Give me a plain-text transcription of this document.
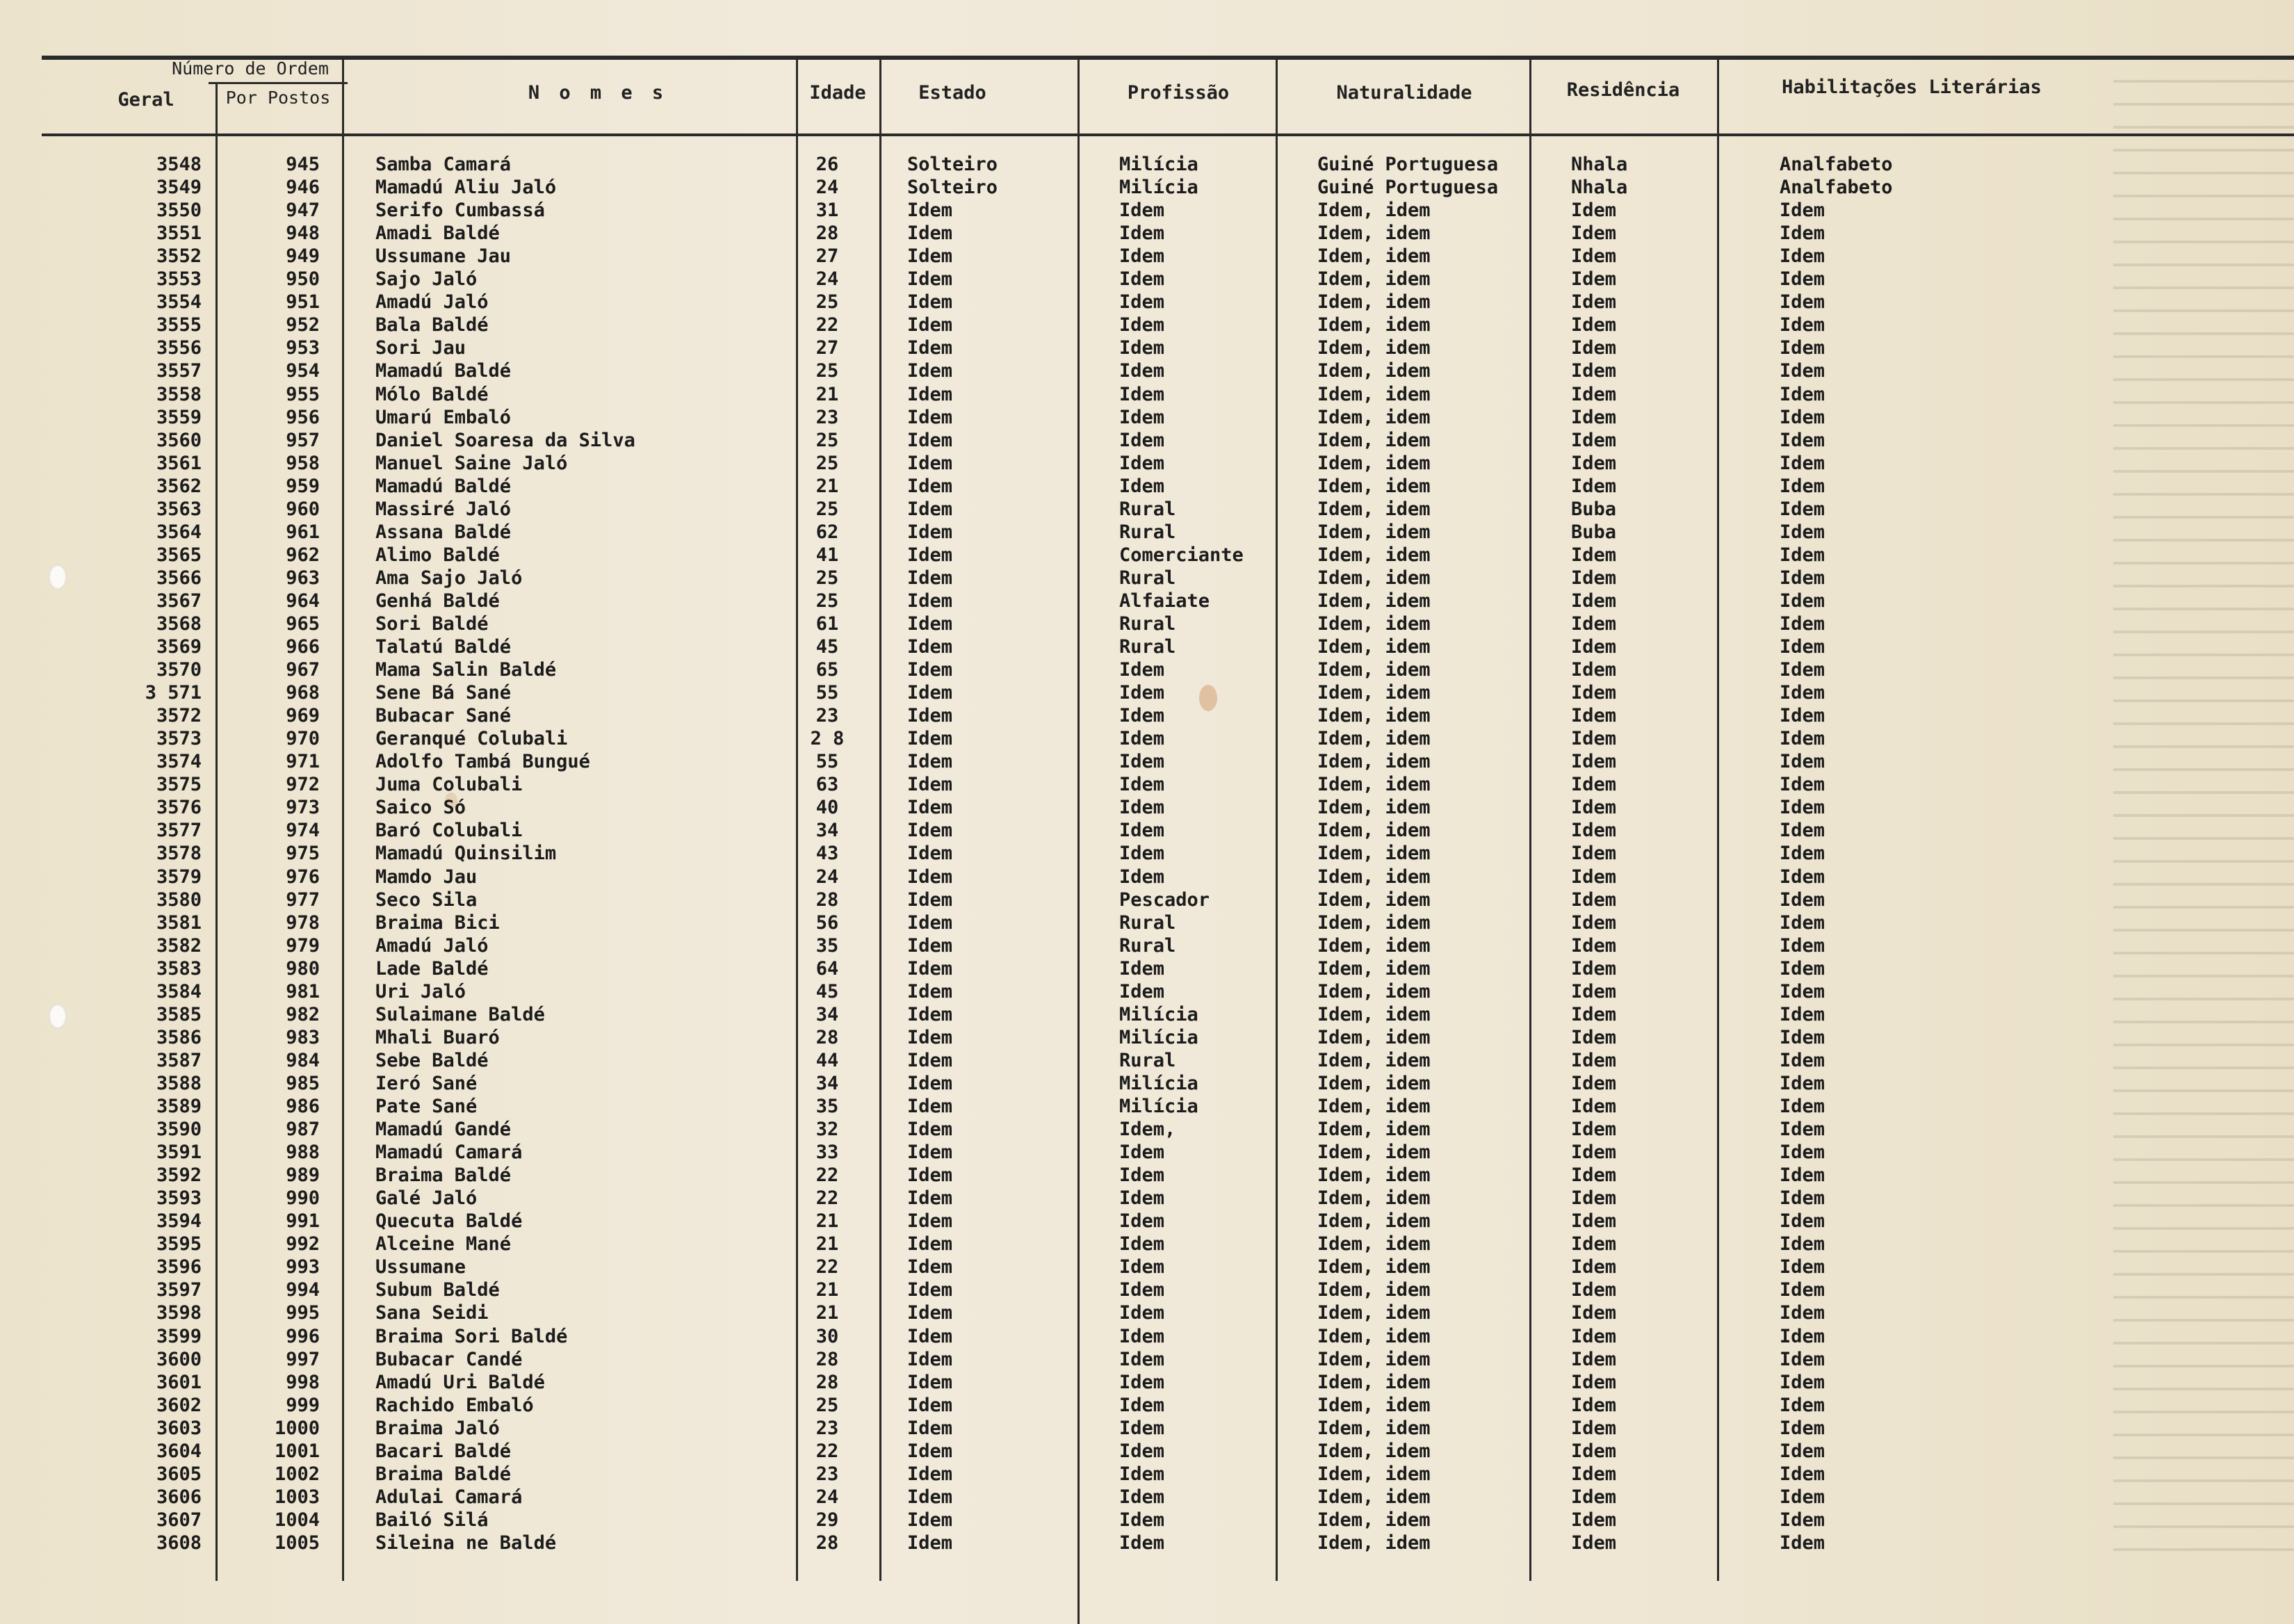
Número de Ordem
Geral	Por Postos	N o m e s	Idade	Estado	Profissão	Naturalidade	Residência	Habilitações Literárias
3548	945	Samba Camará	26	Solteiro	Milícia	Guiné Portuguesa	Nhala	Analfabeto
3549	946	Mamadú Aliu Jaló	24	Solteiro	Milícia	Guiné Portuguesa	Nhala	Analfabeto
3550	947	Serifo Cumbassá	31	Idem	Idem	Idem, idem	Idem	Idem
3551	948	Amadi Baldé	28	Idem	Idem	Idem, idem	Idem	Idem
3552	949	Ussumane Jau	27	Idem	Idem	Idem, idem	Idem	Idem
3553	950	Sajo Jaló	24	Idem	Idem	Idem, idem	Idem	Idem
3554	951	Amadú Jaló	25	Idem	Idem	Idem, idem	Idem	Idem
3555	952	Bala Baldé	22	Idem	Idem	Idem, idem	Idem	Idem
3556	953	Sori Jau	27	Idem	Idem	Idem, idem	Idem	Idem
3557	954	Mamadú Baldé	25	Idem	Idem	Idem, idem	Idem	Idem
3558	955	Mólo Baldé	21	Idem	Idem	Idem, idem	Idem	Idem
3559	956	Umarú Embaló	23	Idem	Idem	Idem, idem	Idem	Idem
3560	957	Daniel Soaresa da Silva	25	Idem	Idem	Idem, idem	Idem	Idem
3561	958	Manuel Saine Jaló	25	Idem	Idem	Idem, idem	Idem	Idem
3562	959	Mamadú Baldé	21	Idem	Idem	Idem, idem	Idem	Idem
3563	960	Massiré Jaló	25	Idem	Rural	Idem, idem	Buba	Idem
3564	961	Assana Baldé	62	Idem	Rural	Idem, idem	Buba	Idem
3565	962	Alimo Baldé	41	Idem	Comerciante	Idem, idem	Idem	Idem
3566	963	Ama Sajo Jaló	25	Idem	Rural	Idem, idem	Idem	Idem
3567	964	Genhá Baldé	25	Idem	Alfaiate	Idem, idem	Idem	Idem
3568	965	Sori Baldé	61	Idem	Rural	Idem, idem	Idem	Idem
3569	966	Talatú Baldé	45	Idem	Rural	Idem, idem	Idem	Idem
3570	967	Mama Salin Baldé	65	Idem	Idem	Idem, idem	Idem	Idem
3 571	968	Sene Bá Sané	55	Idem	Idem	Idem, idem	Idem	Idem
3572	969	Bubacar Sané	23	Idem	Idem	Idem, idem	Idem	Idem
3573	970	Geranqué Colubali	2 8	Idem	Idem	Idem, idem	Idem	Idem
3574	971	Adolfo Tambá Bungué	55	Idem	Idem	Idem, idem	Idem	Idem
3575	972	Juma Colubali	63	Idem	Idem	Idem, idem	Idem	Idem
3576	973	Saico Só	40	Idem	Idem	Idem, idem	Idem	Idem
3577	974	Baró Colubali	34	Idem	Idem	Idem, idem	Idem	Idem
3578	975	Mamadú Quinsilim	43	Idem	Idem	Idem, idem	Idem	Idem
3579	976	Mamdo Jau	24	Idem	Idem	Idem, idem	Idem	Idem
3580	977	Seco Sila	28	Idem	Pescador	Idem, idem	Idem	Idem
3581	978	Braima Bici	56	Idem	Rural	Idem, idem	Idem	Idem
3582	979	Amadú Jaló	35	Idem	Rural	Idem, idem	Idem	Idem
3583	980	Lade Baldé	64	Idem	Idem	Idem, idem	Idem	Idem
3584	981	Uri Jaló	45	Idem	Idem	Idem, idem	Idem	Idem
3585	982	Sulaimane Baldé	34	Idem	Milícia	Idem, idem	Idem	Idem
3586	983	Mhali Buaró	28	Idem	Milícia	Idem, idem	Idem	Idem
3587	984	Sebe Baldé	44	Idem	Rural	Idem, idem	Idem	Idem
3588	985	Ieró Sané	34	Idem	Milícia	Idem, idem	Idem	Idem
3589	986	Pate Sané	35	Idem	Milícia	Idem, idem	Idem	Idem
3590	987	Mamadú Gandé	32	Idem	Idem,	Idem, idem	Idem	Idem
3591	988	Mamadú Camará	33	Idem	Idem	Idem, idem	Idem	Idem
3592	989	Braima Baldé	22	Idem	Idem	Idem, idem	Idem	Idem
3593	990	Galé Jaló	22	Idem	Idem	Idem, idem	Idem	Idem
3594	991	Quecuta Baldé	21	Idem	Idem	Idem, idem	Idem	Idem
3595	992	Alceine Mané	21	Idem	Idem	Idem, idem	Idem	Idem
3596	993	Ussumane	22	Idem	Idem	Idem, idem	Idem	Idem
3597	994	Subum Baldé	21	Idem	Idem	Idem, idem	Idem	Idem
3598	995	Sana Seidi	21	Idem	Idem	Idem, idem	Idem	Idem
3599	996	Braima Sori Baldé	30	Idem	Idem	Idem, idem	Idem	Idem
3600	997	Bubacar Candé	28	Idem	Idem	Idem, idem	Idem	Idem
3601	998	Amadú Uri Baldé	28	Idem	Idem	Idem, idem	Idem	Idem
3602	999	Rachido Embaló	25	Idem	Idem	Idem, idem	Idem	Idem
3603	1000	Braima Jaló	23	Idem	Idem	Idem, idem	Idem	Idem
3604	1001	Bacari Baldé	22	Idem	Idem	Idem, idem	Idem	Idem
3605	1002	Braima Baldé	23	Idem	Idem	Idem, idem	Idem	Idem
3606	1003	Adulai Camará	24	Idem	Idem	Idem, idem	Idem	Idem
3607	1004	Bailó Silá	29	Idem	Idem	Idem, idem	Idem	Idem
3608	1005	Sileina ne Baldé	28	Idem	Idem	Idem, idem	Idem	Idem
